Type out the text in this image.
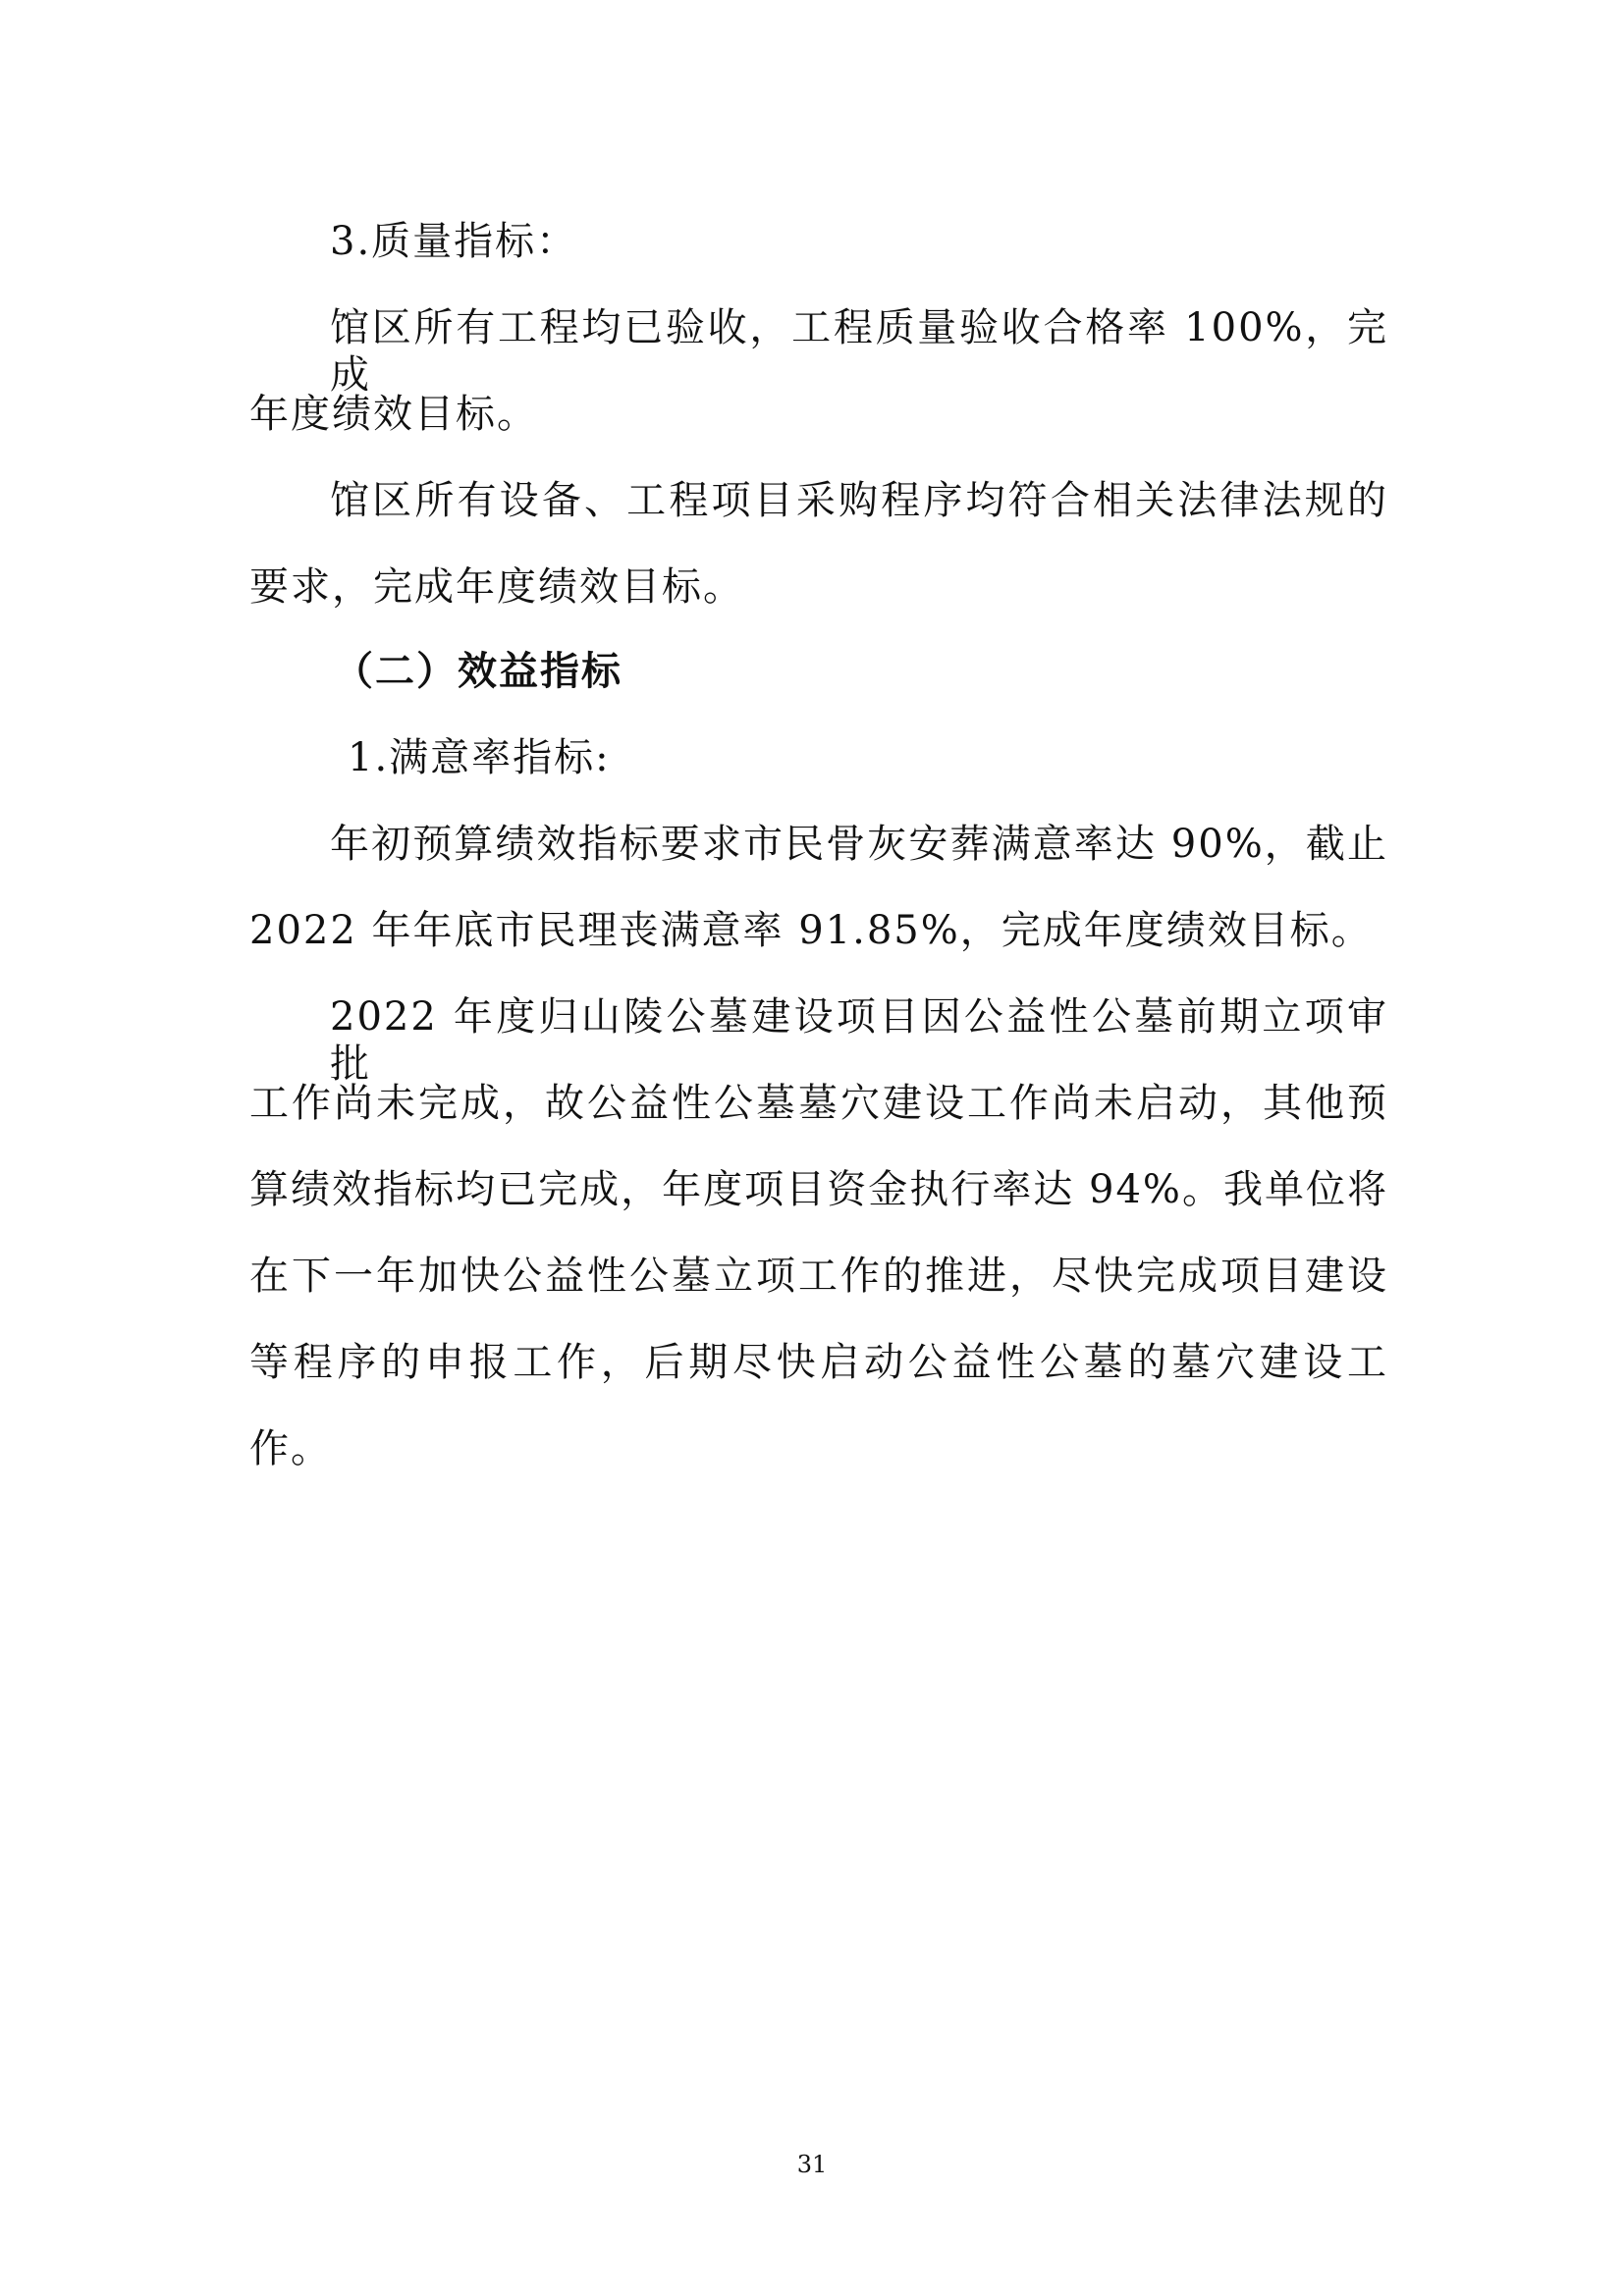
3.质量指标：
馆区所有工程均已验收，工程质量验收合格率 100%，完成
年度绩效目标。
馆区所有设备、工程项目采购程序均符合相关法律法规的
要求，完成年度绩效目标。
（二）效益指标
1.满意率指标:
年初预算绩效指标要求市民骨灰安葬满意率达 90%，截止
2022 年年底市民理丧满意率 91.85%，完成年度绩效目标。
2022 年度归山陵公墓建设项目因公益性公墓前期立项审批
工作尚未完成，故公益性公墓墓穴建设工作尚未启动，其他预
算绩效指标均已完成，年度项目资金执行率达 94%。我单位将
在下一年加快公益性公墓立项工作的推进，尽快完成项目建设
等程序的申报工作，后期尽快启动公益性公墓的墓穴建设工
作。
31
